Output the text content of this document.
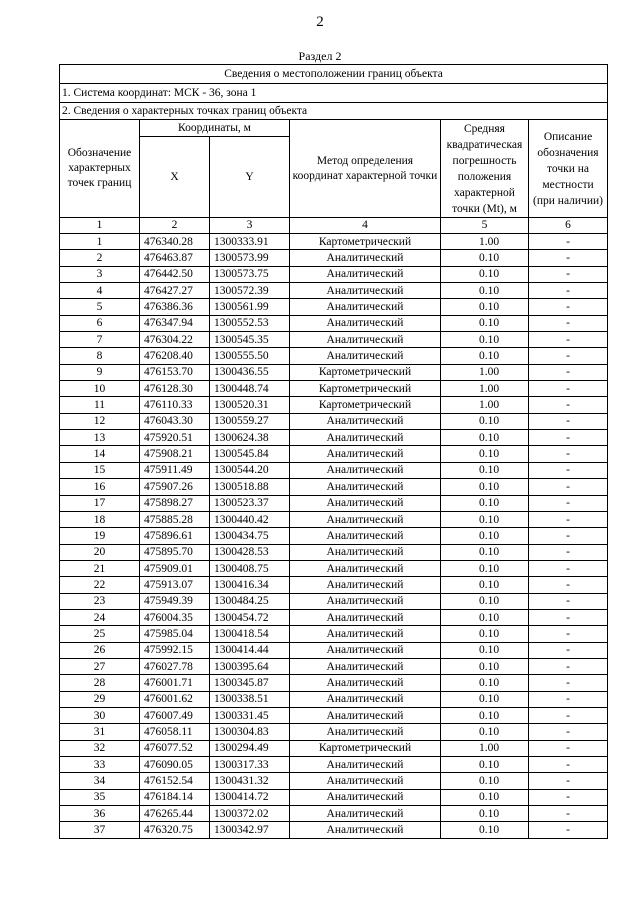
2
Раздел 2
Сведения о местоположении границ объекта					
1. Система координат: МСК - 36, зона 1					
2. Сведения о характерных точках границ объекта					
Обозначение характерных точек границ	Координаты, м		Метод определения координат характерной точки	Средняя квадратическая погрешность положения характерной точки (Mt), м	Описание обозначения точки на местности (при наличии)
	X	Y			
1	2	3	4	5	6
1	476340.28	1300333.91	Картометрический	1.00	-
2	476463.87	1300573.99	Аналитический	0.10	-
3	476442.50	1300573.75	Аналитический	0.10	-
4	476427.27	1300572.39	Аналитический	0.10	-
5	476386.36	1300561.99	Аналитический	0.10	-
6	476347.94	1300552.53	Аналитический	0.10	-
7	476304.22	1300545.35	Аналитический	0.10	-
8	476208.40	1300555.50	Аналитический	0.10	-
9	476153.70	1300436.55	Картометрический	1.00	-
10	476128.30	1300448.74	Картометрический	1.00	-
11	476110.33	1300520.31	Картометрический	1.00	-
12	476043.30	1300559.27	Аналитический	0.10	-
13	475920.51	1300624.38	Аналитический	0.10	-
14	475908.21	1300545.84	Аналитический	0.10	-
15	475911.49	1300544.20	Аналитический	0.10	-
16	475907.26	1300518.88	Аналитический	0.10	-
17	475898.27	1300523.37	Аналитический	0.10	-
18	475885.28	1300440.42	Аналитический	0.10	-
19	475896.61	1300434.75	Аналитический	0.10	-
20	475895.70	1300428.53	Аналитический	0.10	-
21	475909.01	1300408.75	Аналитический	0.10	-
22	475913.07	1300416.34	Аналитический	0.10	-
23	475949.39	1300484.25	Аналитический	0.10	-
24	476004.35	1300454.72	Аналитический	0.10	-
25	475985.04	1300418.54	Аналитический	0.10	-
26	475992.15	1300414.44	Аналитический	0.10	-
27	476027.78	1300395.64	Аналитический	0.10	-
28	476001.71	1300345.87	Аналитический	0.10	-
29	476001.62	1300338.51	Аналитический	0.10	-
30	476007.49	1300331.45	Аналитический	0.10	-
31	476058.11	1300304.83	Аналитический	0.10	-
32	476077.52	1300294.49	Картометрический	1.00	-
33	476090.05	1300317.33	Аналитический	0.10	-
34	476152.54	1300431.32	Аналитический	0.10	-
35	476184.14	1300414.72	Аналитический	0.10	-
36	476265.44	1300372.02	Аналитический	0.10	-
37	476320.75	1300342.97	Аналитический	0.10	-
